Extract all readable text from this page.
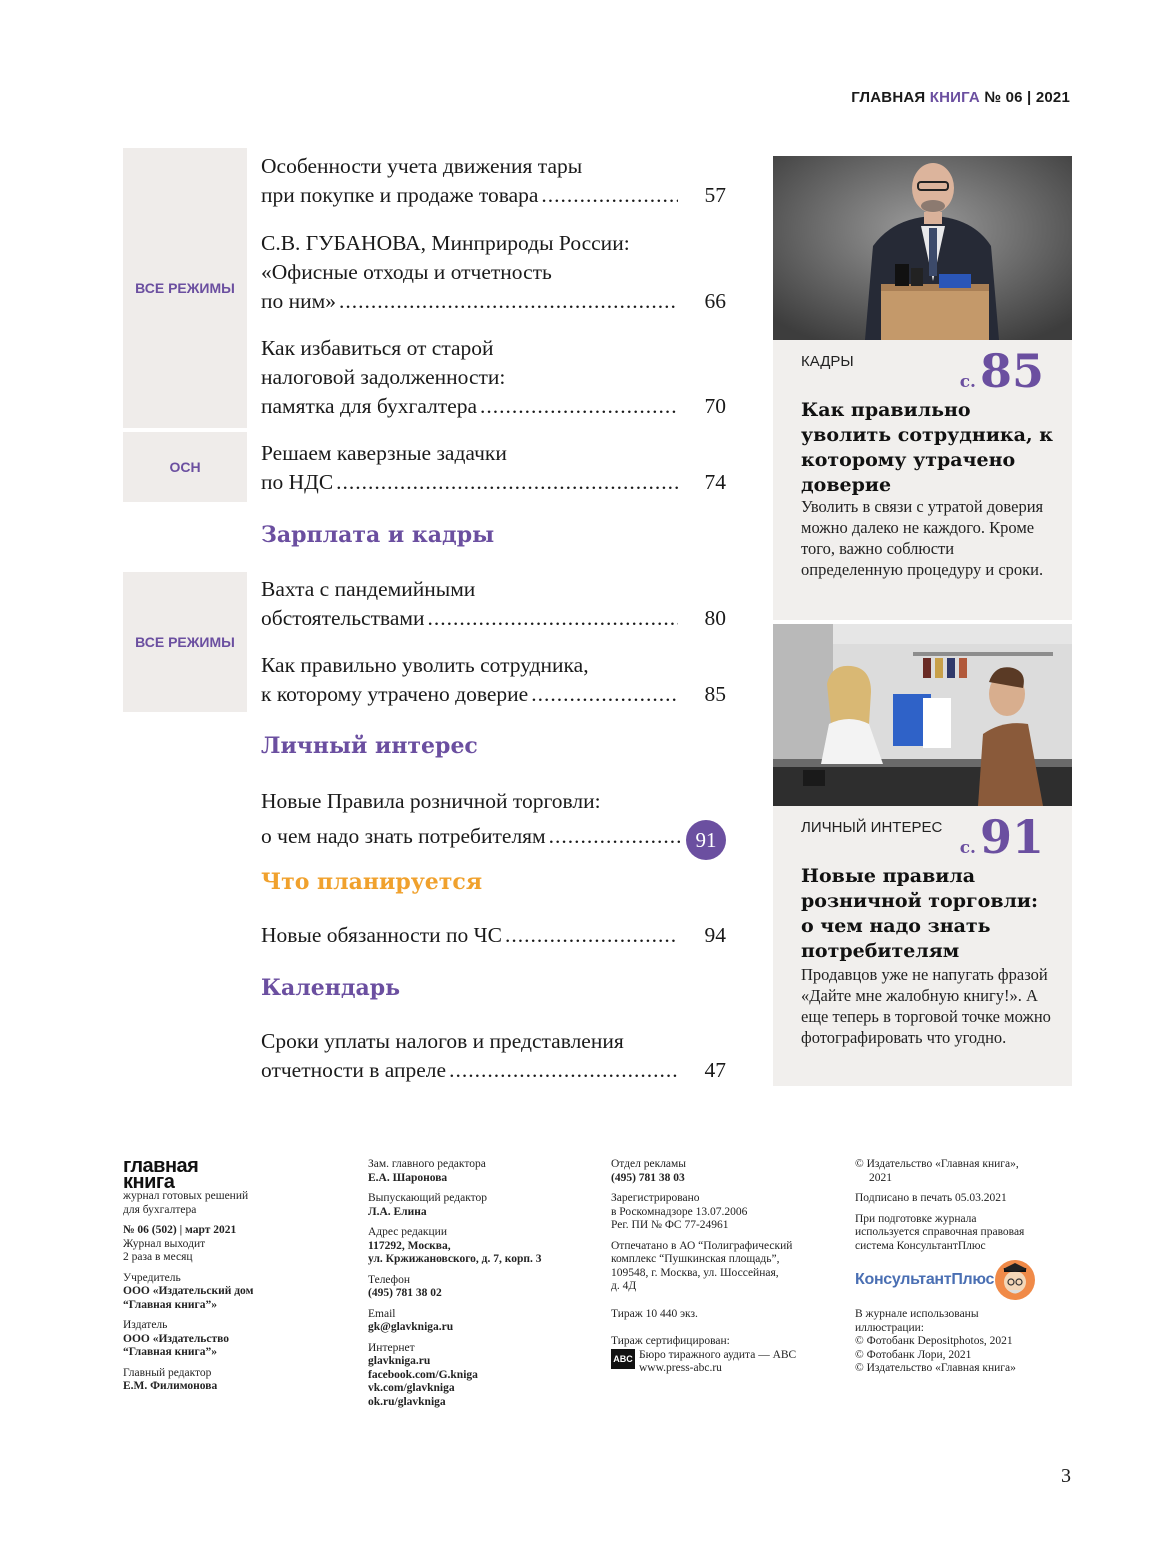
ГЛАВНАЯ КНИГА № 06 | 2021
ВСЕ РЕЖИМЫ
ОСН
ВСЕ РЕЖИМЫ
Особенности учета движения тары
при покупке и продаже товара .....	57
С.В. ГУБАНОВА, Минприроды России:
«Офисные отходы и отчетность
по ним» .....	66
Как избавиться от старой
налоговой задолженности:
памятка для бухгалтера .....	70
Решаем каверзные задачки
по НДС .....	74
Зарплата и кадры
Вахта с пандемийными
обстоятельствами .....	80
Как правильно уволить сотрудника,
к которому утрачено доверие .....	85
Личный интерес
Новые Правила розничной торговли:
о чем надо знать потребителям .....	91
Что планируется
Новые обязанности по ЧС .....	94
Календарь
Сроки уплаты налогов и представления
отчетности в апреле .....	47
КАДРЫ
с.85
Как правильно уволить сотрудника, к которому утрачено доверие
Уволить в связи с утратой доверия можно далеко не каждого. Кроме того, важно соблюсти определенную процедуру и сроки.
ЛИЧНЫЙ ИНТЕРЕС
с.91
Новые правила розничной торговли: о чем надо знать потребителям
Продавцов уже не напугать фразой «Дайте мне жалобную книгу!». А еще теперь в торговой точке можно фотографировать что угодно.
главная
книга
журнал готовых решений
для бухгалтера
№ 06 (502) | март 2021
Журнал выходит
2 раза в месяц
Учредитель
ООО «Издательский дом
“Главная книга”»
Издатель
ООО «Издательство
“Главная книга”»
Главный редактор
Е.М. Филимонова
Зам. главного редактора
Е.А. Шаронова
Выпускающий редактор
Л.А. Елина
Адрес редакции
117292, Москва,
ул. Кржижановского, д. 7, корп. 3
Телефон
(495) 781 38 02
Email
gk@glavkniga.ru
Интернет
glavkniga.ru
facebook.com/G.kniga
vk.com/glavkniga
ok.ru/glavkniga
Отдел рекламы
(495) 781 38 03
Зарегистрировано
в Роскомнадзоре 13.07.2006
Рег. ПИ № ФС 77-24961
Отпечатано в АО “Полиграфический
комплекс “Пушкинская площадь”,
109548, г. Москва, ул. Шоссейная,
д. 4Д
Тираж 10 440 экз.
Тираж сертифицирован:
ABC Бюро тиражного аудита — ABC
www.press-abc.ru
© Издательство «Главная книга»,
2021
Подписано в печать 05.03.2021
При подготовке журнала
используется справочная правовая
система КонсультантПлюс
КонсультантПлюс
В журнале использованы
иллюстрации:
© Фотобанк Depositphotos, 2021
© Фотобанк Лори, 2021
© Издательство «Главная книга»
3
